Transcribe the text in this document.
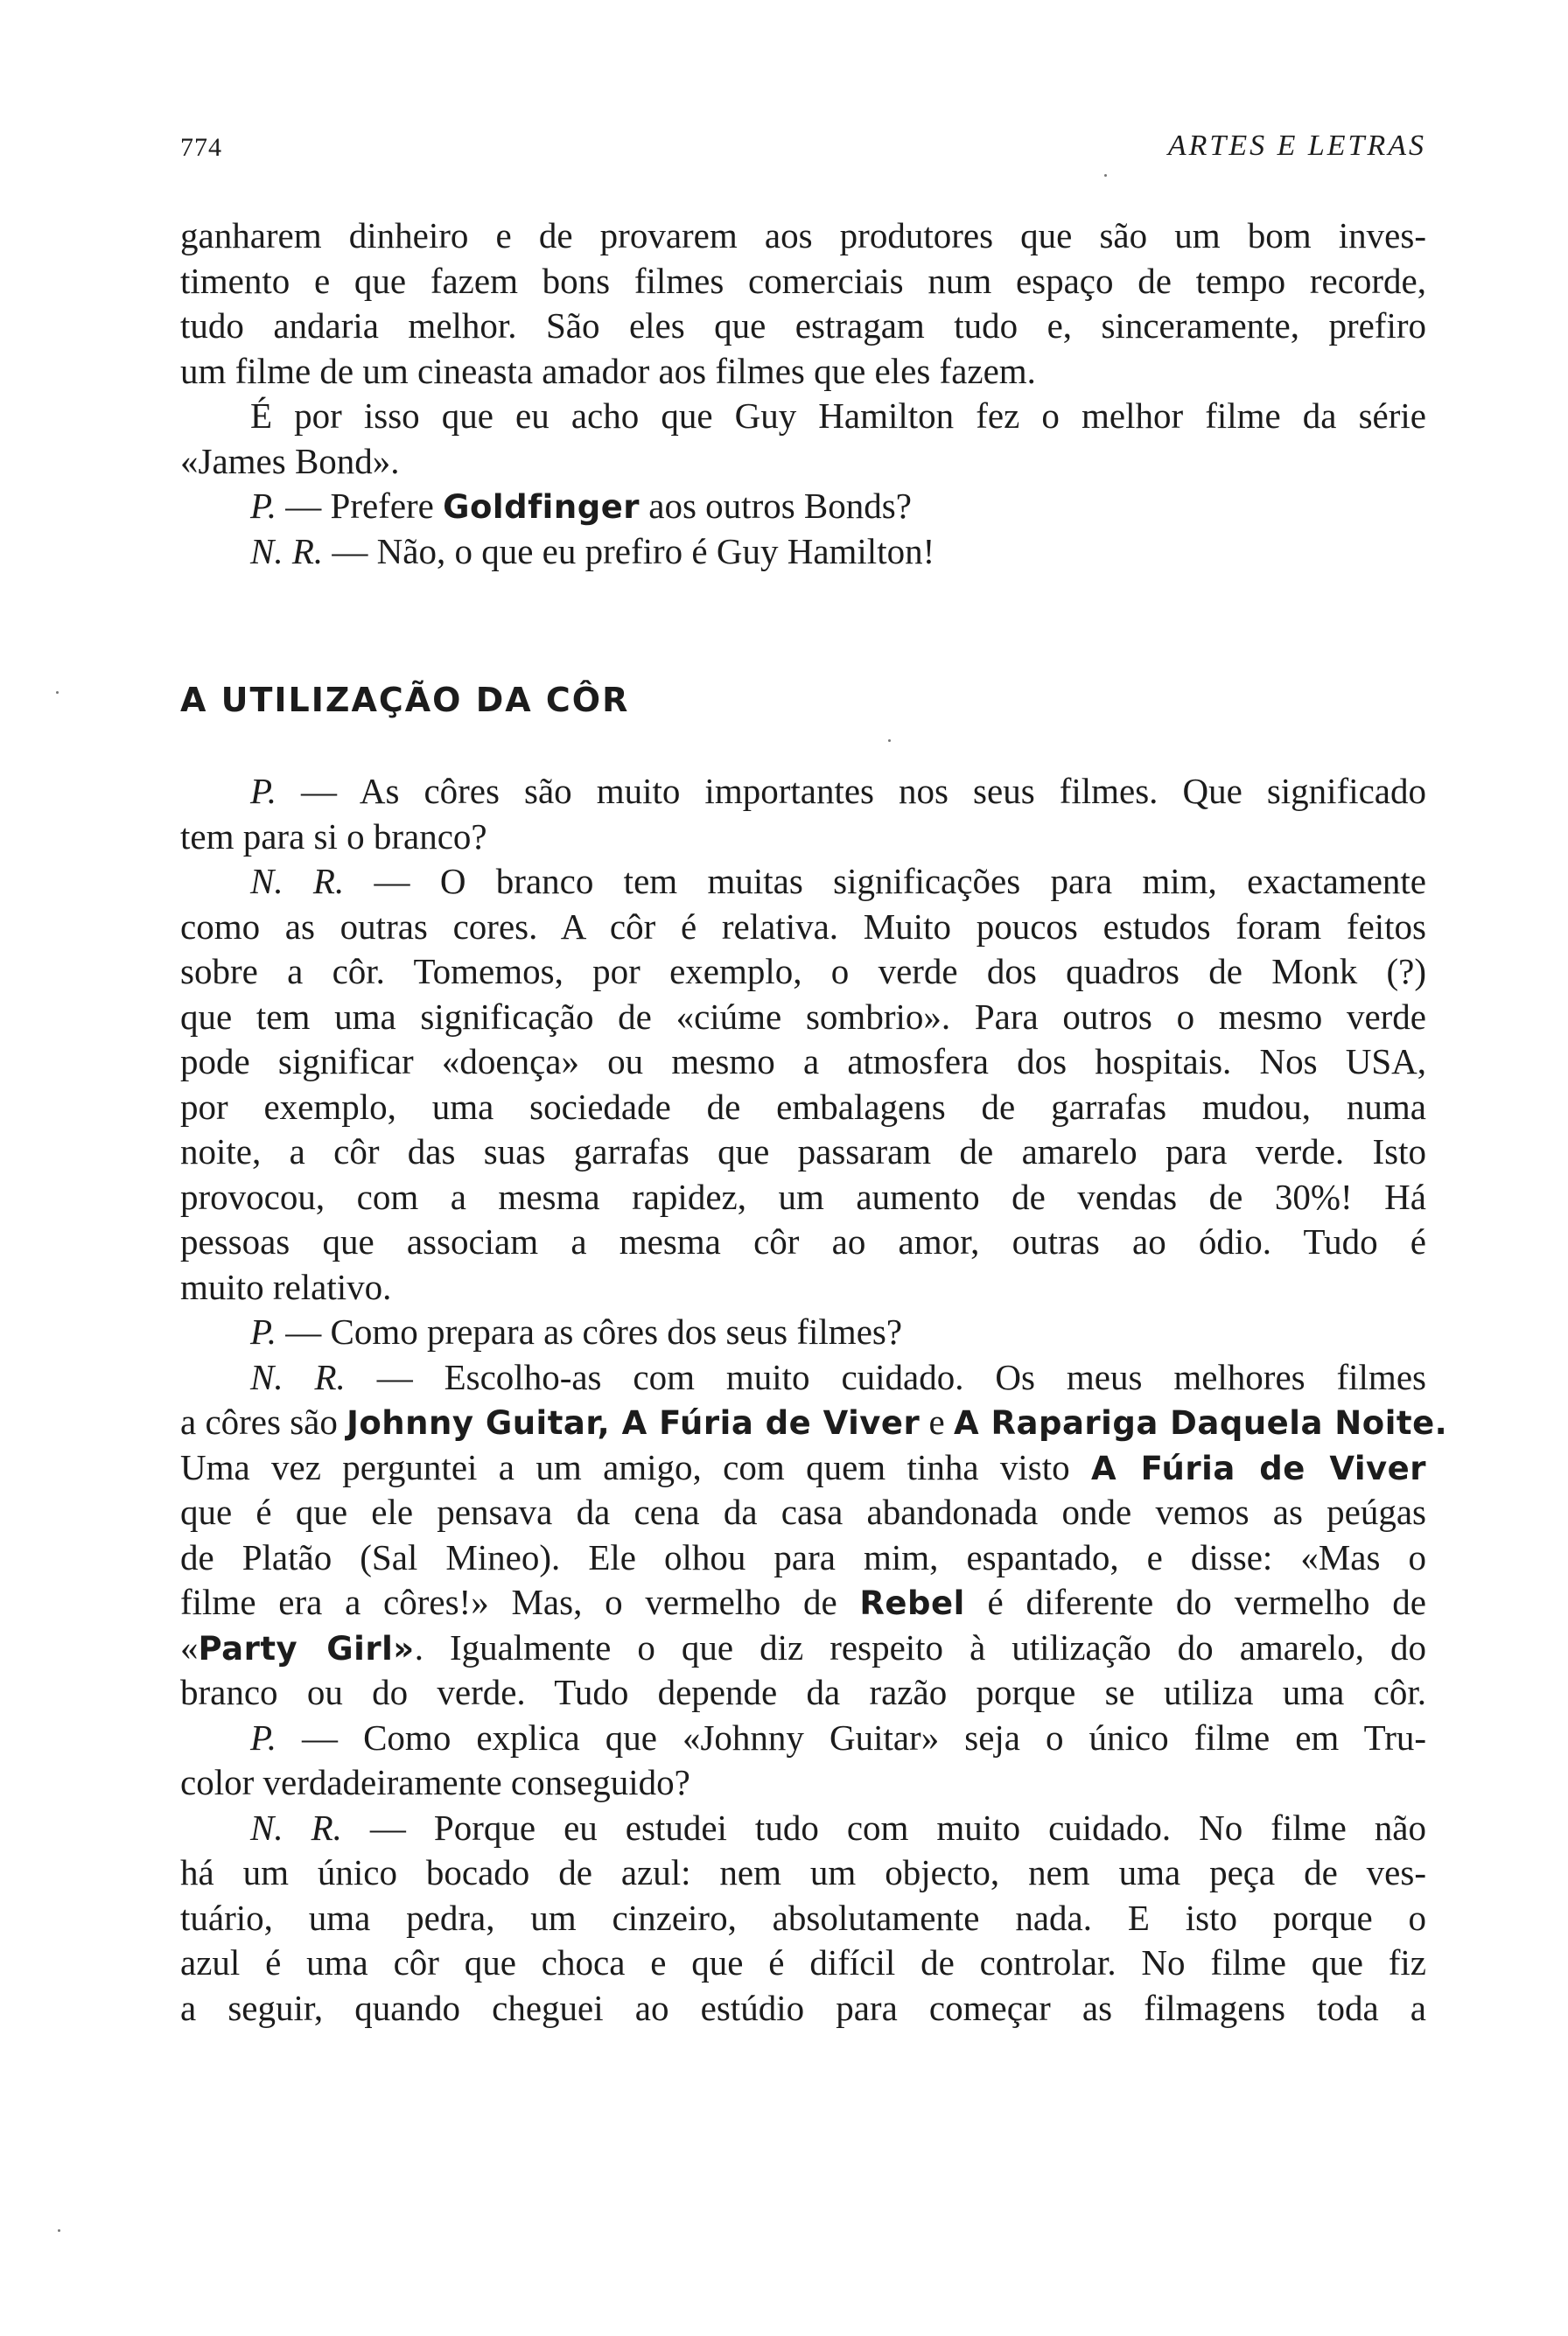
774	ARTES E LETRAS
ganharem dinheiro e de provarem aos produtores que são um bom inves-
timento e que fazem bons filmes comerciais num espaço de tempo recorde,
tudo andaria melhor. São eles que estragam tudo e, sinceramente, prefiro
um filme de um cineasta amador aos filmes que eles fazem.
É por isso que eu acho que Guy Hamilton fez o melhor filme da série
«James Bond».
P. — Prefere Goldfinger aos outros Bonds?
N. R. — Não, o que eu prefiro é Guy Hamilton!
A UTILIZAÇÃO DA CÔR
P. — As côres são muito importantes nos seus filmes. Que significado
tem para si o branco?
N. R. — O branco tem muitas significações para mim, exactamente
como as outras cores. A côr é relativa. Muito poucos estudos foram feitos
sobre a côr. Tomemos, por exemplo, o verde dos quadros de Monk (?)
que tem uma significação de «ciúme sombrio». Para outros o mesmo verde
pode significar «doença» ou mesmo a atmosfera dos hospitais. Nos USA,
por exemplo, uma sociedade de embalagens de garrafas mudou, numa
noite, a côr das suas garrafas que passaram de amarelo para verde. Isto
provocou, com a mesma rapidez, um aumento de vendas de 30%! Há
pessoas que associam a mesma côr ao amor, outras ao ódio. Tudo é
muito relativo.
P. — Como prepara as côres dos seus filmes?
N. R. — Escolho-as com muito cuidado. Os meus melhores filmes
a côres são Johnny Guitar, A Fúria de Viver e A Rapariga Daquela Noite.
Uma vez perguntei a um amigo, com quem tinha visto A Fúria de Viver
que é que ele pensava da cena da casa abandonada onde vemos as peúgas
de Platão (Sal Mineo). Ele olhou para mim, espantado, e disse: «Mas o
filme era a côres!» Mas, o vermelho de Rebel é diferente do vermelho de
«Party Girl». Igualmente o que diz respeito à utilização do amarelo, do
branco ou do verde. Tudo depende da razão porque se utiliza uma côr.
P. — Como explica que «Johnny Guitar» seja o único filme em Tru-
color verdadeiramente conseguido?
N. R. — Porque eu estudei tudo com muito cuidado. No filme não
há um único bocado de azul: nem um objecto, nem uma peça de ves-
tuário, uma pedra, um cinzeiro, absolutamente nada. E isto porque o
azul é uma côr que choca e que é difícil de controlar. No filme que fiz
a seguir, quando cheguei ao estúdio para começar as filmagens toda a
